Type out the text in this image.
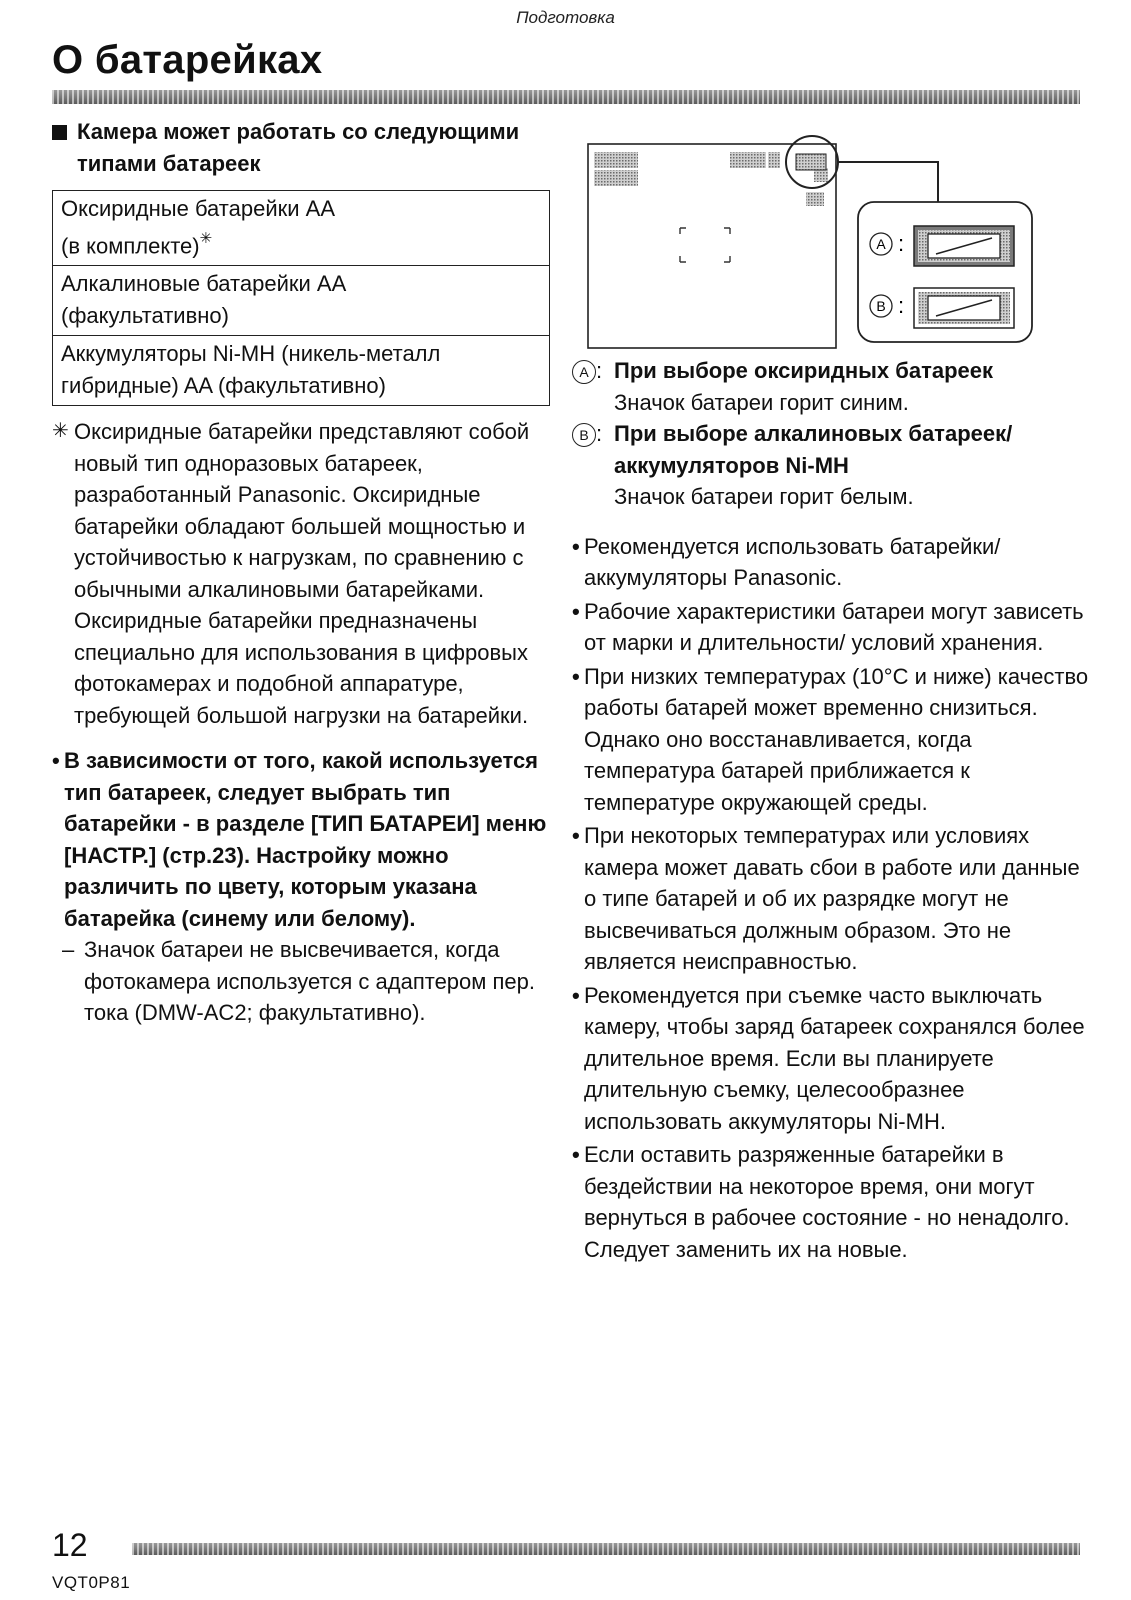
Подготовка
О батарейках
Камера может работать со следующими типами батареек
Оксиридные батарейки AA
(в комплекте)✳
Алкалиновые батарейки AA
(факультативно)
Аккумуляторы Ni-MH (никель-металл
гибридные) AA (факультативно)
✳ Оксиридные батарейки представляют собой новый тип одноразовых батареек, разработанный Panasonic. Оксиридные батарейки обладают большей мощностью и устойчивостью к нагрузкам, по сравнению с обычными алкалиновыми батарейками.

Оксиридные батарейки предназначены специально для использования в цифровых фотокамерах и подобной аппаратуре, требующей большой нагрузки на батарейки.

• В зависимости от того, какой используется тип батареек, следует выбрать тип батарейки - в разделе [ТИП БАТАРЕИ] меню [НАСТР.] (стр.23). Настройку можно различить по цвету, которым указана батарейка (синему или белому).
– Значок батареи не высвечивается, когда фотокамера используется с адаптером пер. тока (DMW-AC2; факультативно).
A :
B :
A : При выборе оксиридных батареек
Значок батареи горит синим.
B : При выборе алкалиновых батареек/аккумуляторов Ni-MH
Значок батареи горит белым.
• Рекомендуется использовать батарейки/аккумуляторы Panasonic.
• Рабочие характеристики батареи могут зависеть от марки и длительности/ условий хранения.
• При низких температурах (10°C и ниже) качество работы батарей может временно снизиться. Однако оно восстанавливается, когда температура батарей приближается к температуре окружающей среды.
• При некоторых температурах или условиях камера может давать сбои в работе или данные о типе батарей и об их разрядке могут не высвечиваться должным образом. Это не является неисправностью.
• Рекомендуется при съемке часто выключать камеру, чтобы заряд батареек сохранялся более длительное время. Если вы планируете длительную съемку, целесообразнее использовать аккумуляторы Ni-MH.
• Если оставить разряженные батарейки в бездействии на некоторое время, они могут вернуться в рабочее состояние - но ненадолго. Следует заменить их на новые.
12
VQT0P81
